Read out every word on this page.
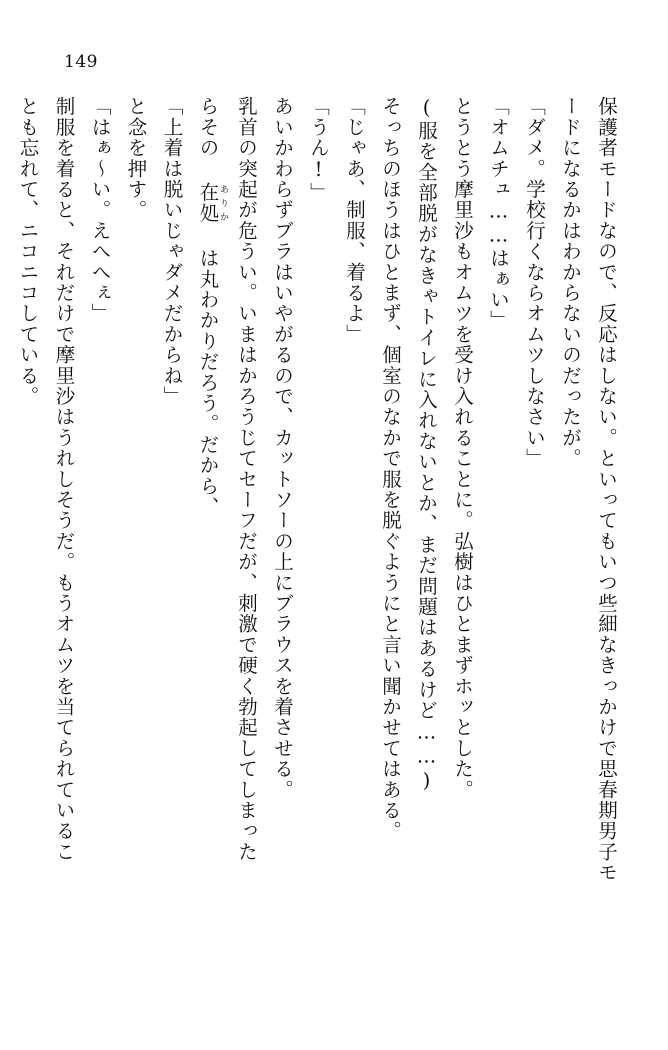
149
保護者モードなので、反応はしない。といってもいつ些細なきっかけで思春期男子モ
ードになるかはわからないのだったが。
「ダメ。学校行くならオムツしなさい」
「オムチュ……はぁい」
とうとう摩里沙もオムツを受け入れることに。弘樹はひとまずホッとした。
(服を全部脱がなきゃトイレに入れないとか、まだ問題はあるけど……)
そっちのほうはひとまず、個室のなかで服を脱ぐようにと言い聞かせてはある。
「じゃあ、制服、着るよ」
「うん!」
あいかわらずブラはいやがるので、カットソーの上にブラウスを着させる。
乳首の突起が危うい。いまはかろうじてセーフだが、刺激で硬く勃起してしまった
らその 在処ありか は丸わかりだろう。だから、
「上着は脱いじゃダメだからね」
と念を押す。
「はぁ～い。えへへぇ」
制服を着ると、それだけで摩里沙はうれしそうだ。もうオムツを当てられているこ
とも忘れて、ニコニコしている。
